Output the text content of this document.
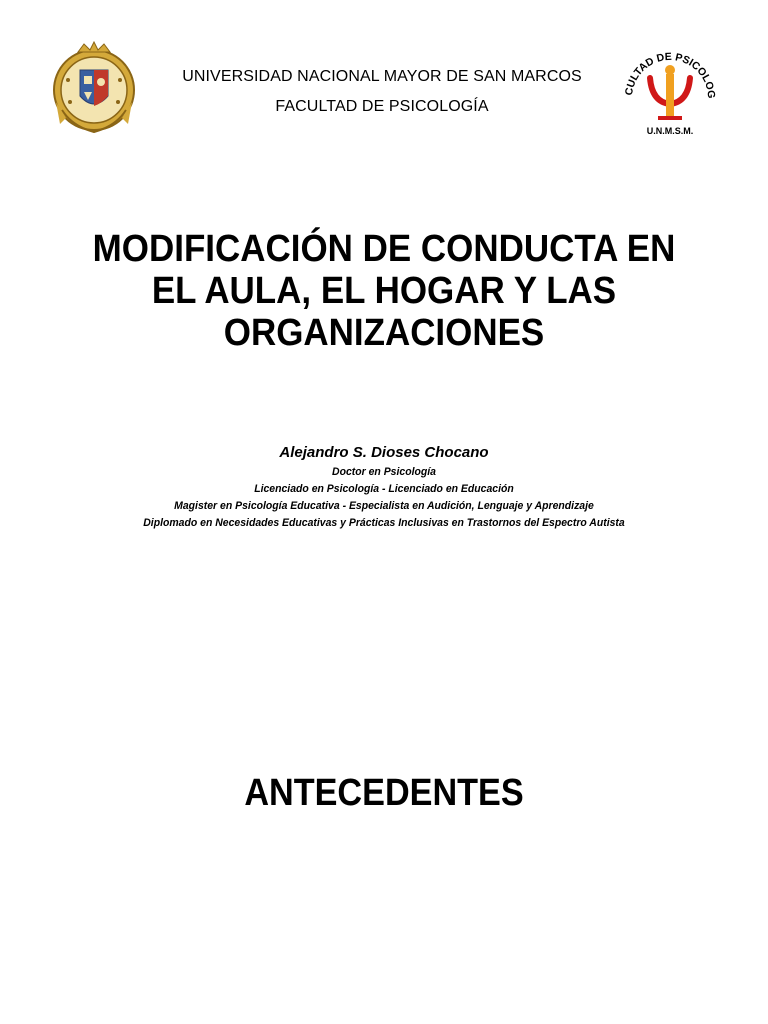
UNIVERSIDAD NACIONAL MAYOR DE SAN MARCOS
FACULTAD DE PSICOLOGÍA
CULTAD DE PSICOLOG
U.N.M.S.M.
MODIFICACIÓN DE CONDUCTA EN
EL AULA, EL HOGAR Y LAS
ORGANIZACIONES
Alejandro S. Dioses Chocano
Doctor en Psicología
Licenciado en Psicología - Licenciado en Educación
Magister en Psicología Educativa - Especialista en Audición, Lenguaje y Aprendizaje
Diplomado en Necesidades Educativas y Prácticas Inclusivas en Trastornos del Espectro Autista
ANTECEDENTES
